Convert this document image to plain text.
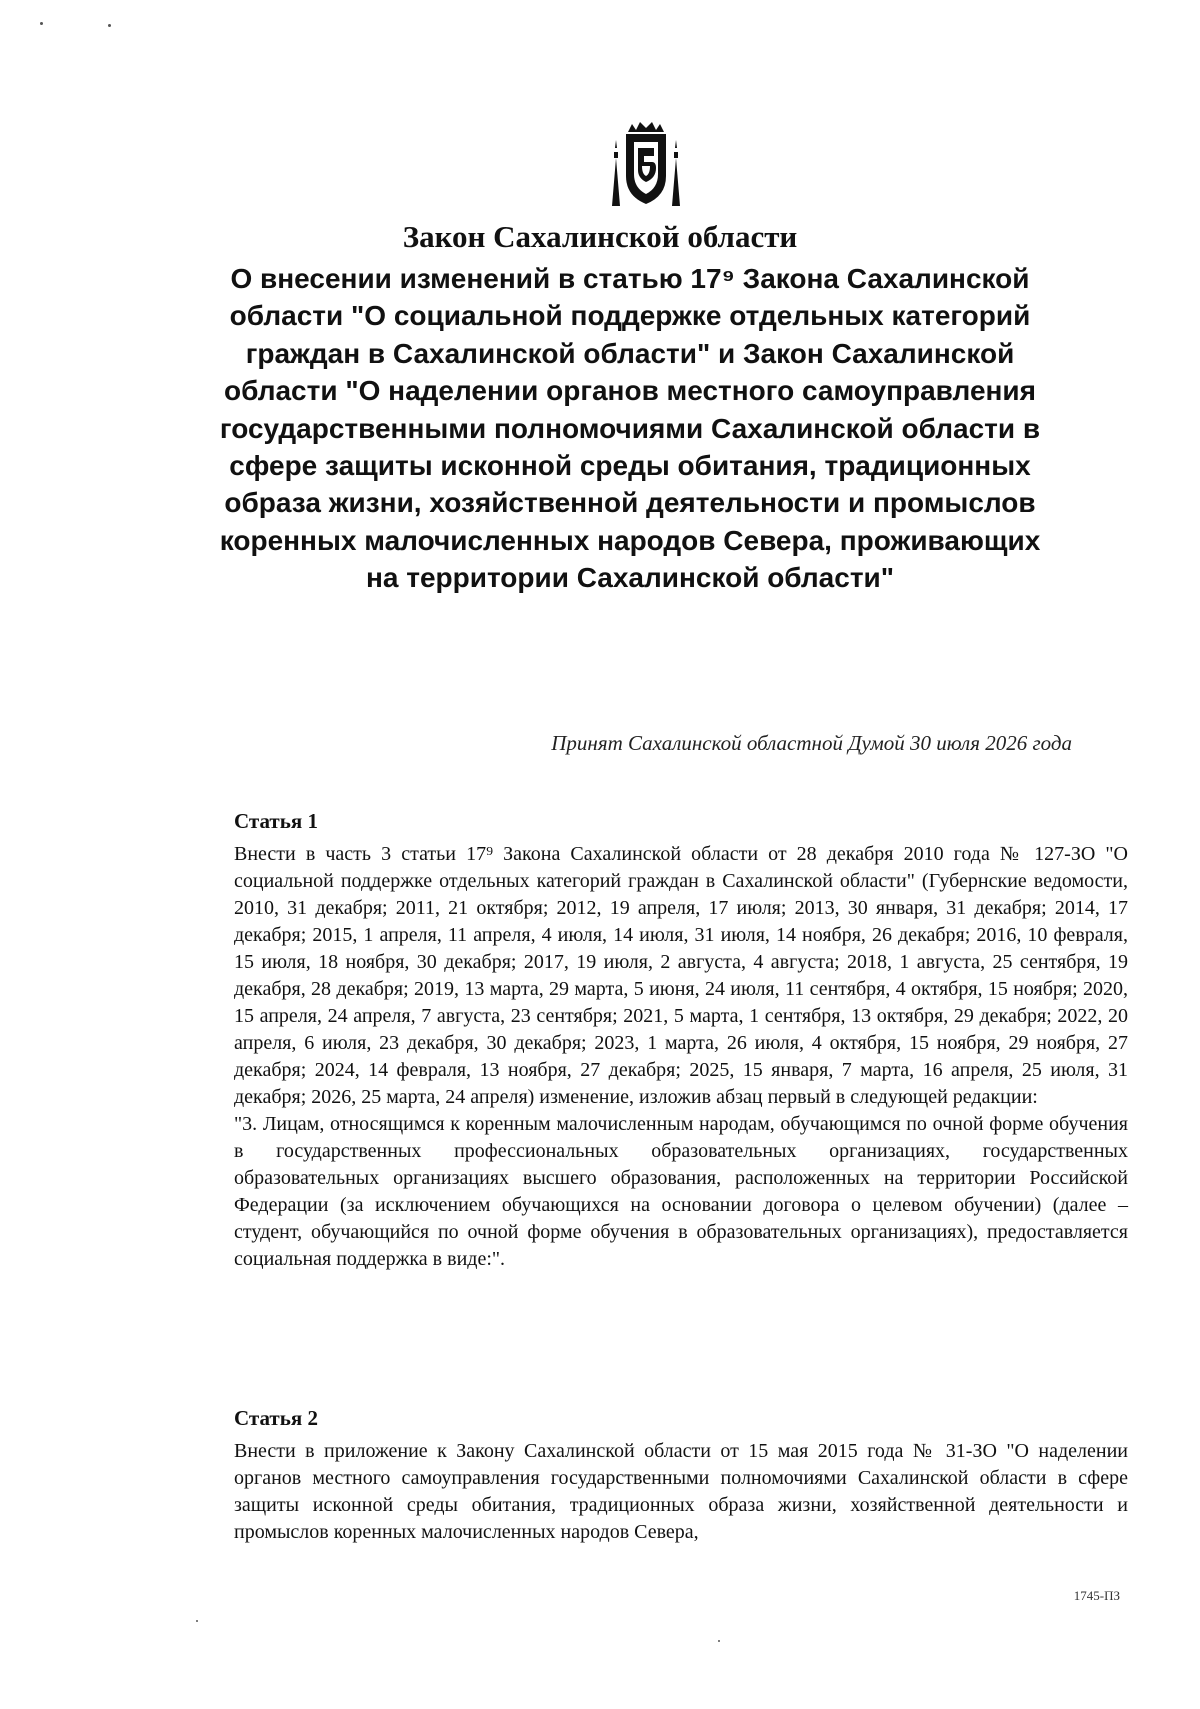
Закон Сахалинской области
О внесении изменений в статью 17⁹ Закона Сахалинской области "О социальной поддержке отдельных категорий граждан в Сахалинской области" и Закон Сахалинской области "О наделении органов местного самоуправления государственными полномочиями Сахалинской области в сфере защиты исконной среды обитания, традиционных образа жизни, хозяйственной деятельности и промыслов коренных малочисленных народов Севера, проживающих на территории Сахалинской области"
Принят Сахалинской областной Думой 30 июля 2026 года
Статья 1

Внести в часть 3 статьи 17⁹ Закона Сахалинской области от 28 декабря 2010 года № 127-ЗО "О социальной поддержке отдельных категорий граждан в Сахалинской области" (Губернские ведомости, 2010, 31 декабря; 2011, 21 октября; 2012, 19 апреля, 17 июля; 2013, 30 января, 31 декабря; 2014, 17 декабря; 2015, 1 апреля, 11 апреля, 4 июля, 14 июля, 31 июля, 14 ноября, 26 декабря; 2016, 10 февраля, 15 июля, 18 ноября, 30 декабря; 2017, 19 июля, 2 августа, 4 августа; 2018, 1 августа, 25 сентября, 19 декабря, 28 декабря; 2019, 13 марта, 29 марта, 5 июня, 24 июля, 11 сентября, 4 октября, 15 ноября; 2020, 15 апреля, 24 апреля, 7 августа, 23 сентября; 2021, 5 марта, 1 сентября, 13 октября, 29 декабря; 2022, 20 апреля, 6 июля, 23 декабря, 30 декабря; 2023, 1 марта, 26 июля, 4 октября, 15 ноября, 29 ноября, 27 декабря; 2024, 14 февраля, 13 ноября, 27 декабря; 2025, 15 января, 7 марта, 16 апреля, 25 июля, 31 декабря; 2026, 25 марта, 24 апреля) изменение, изложив абзац первый в следующей редакции:

"3. Лицам, относящимся к коренным малочисленным народам, обучающимся по очной форме обучения в государственных профессиональных образовательных организациях, государственных образовательных организациях высшего образования, расположенных на территории Российской Федерации (за исключением обучающихся на основании договора о целевом обучении) (далее – студент, обучающийся по очной форме обучения в образовательных организациях), предоставляется социальная поддержка в виде:".

Статья 2

Внести в приложение к Закону Сахалинской области от 15 мая 2015 года № 31-ЗО "О наделении органов местного самоуправления государственными полномочиями Сахалинской области в сфере защиты исконной среды обитания, традиционных образа жизни, хозяйственной деятельности и промыслов коренных малочисленных народов Севера,

1745-ПЗ
